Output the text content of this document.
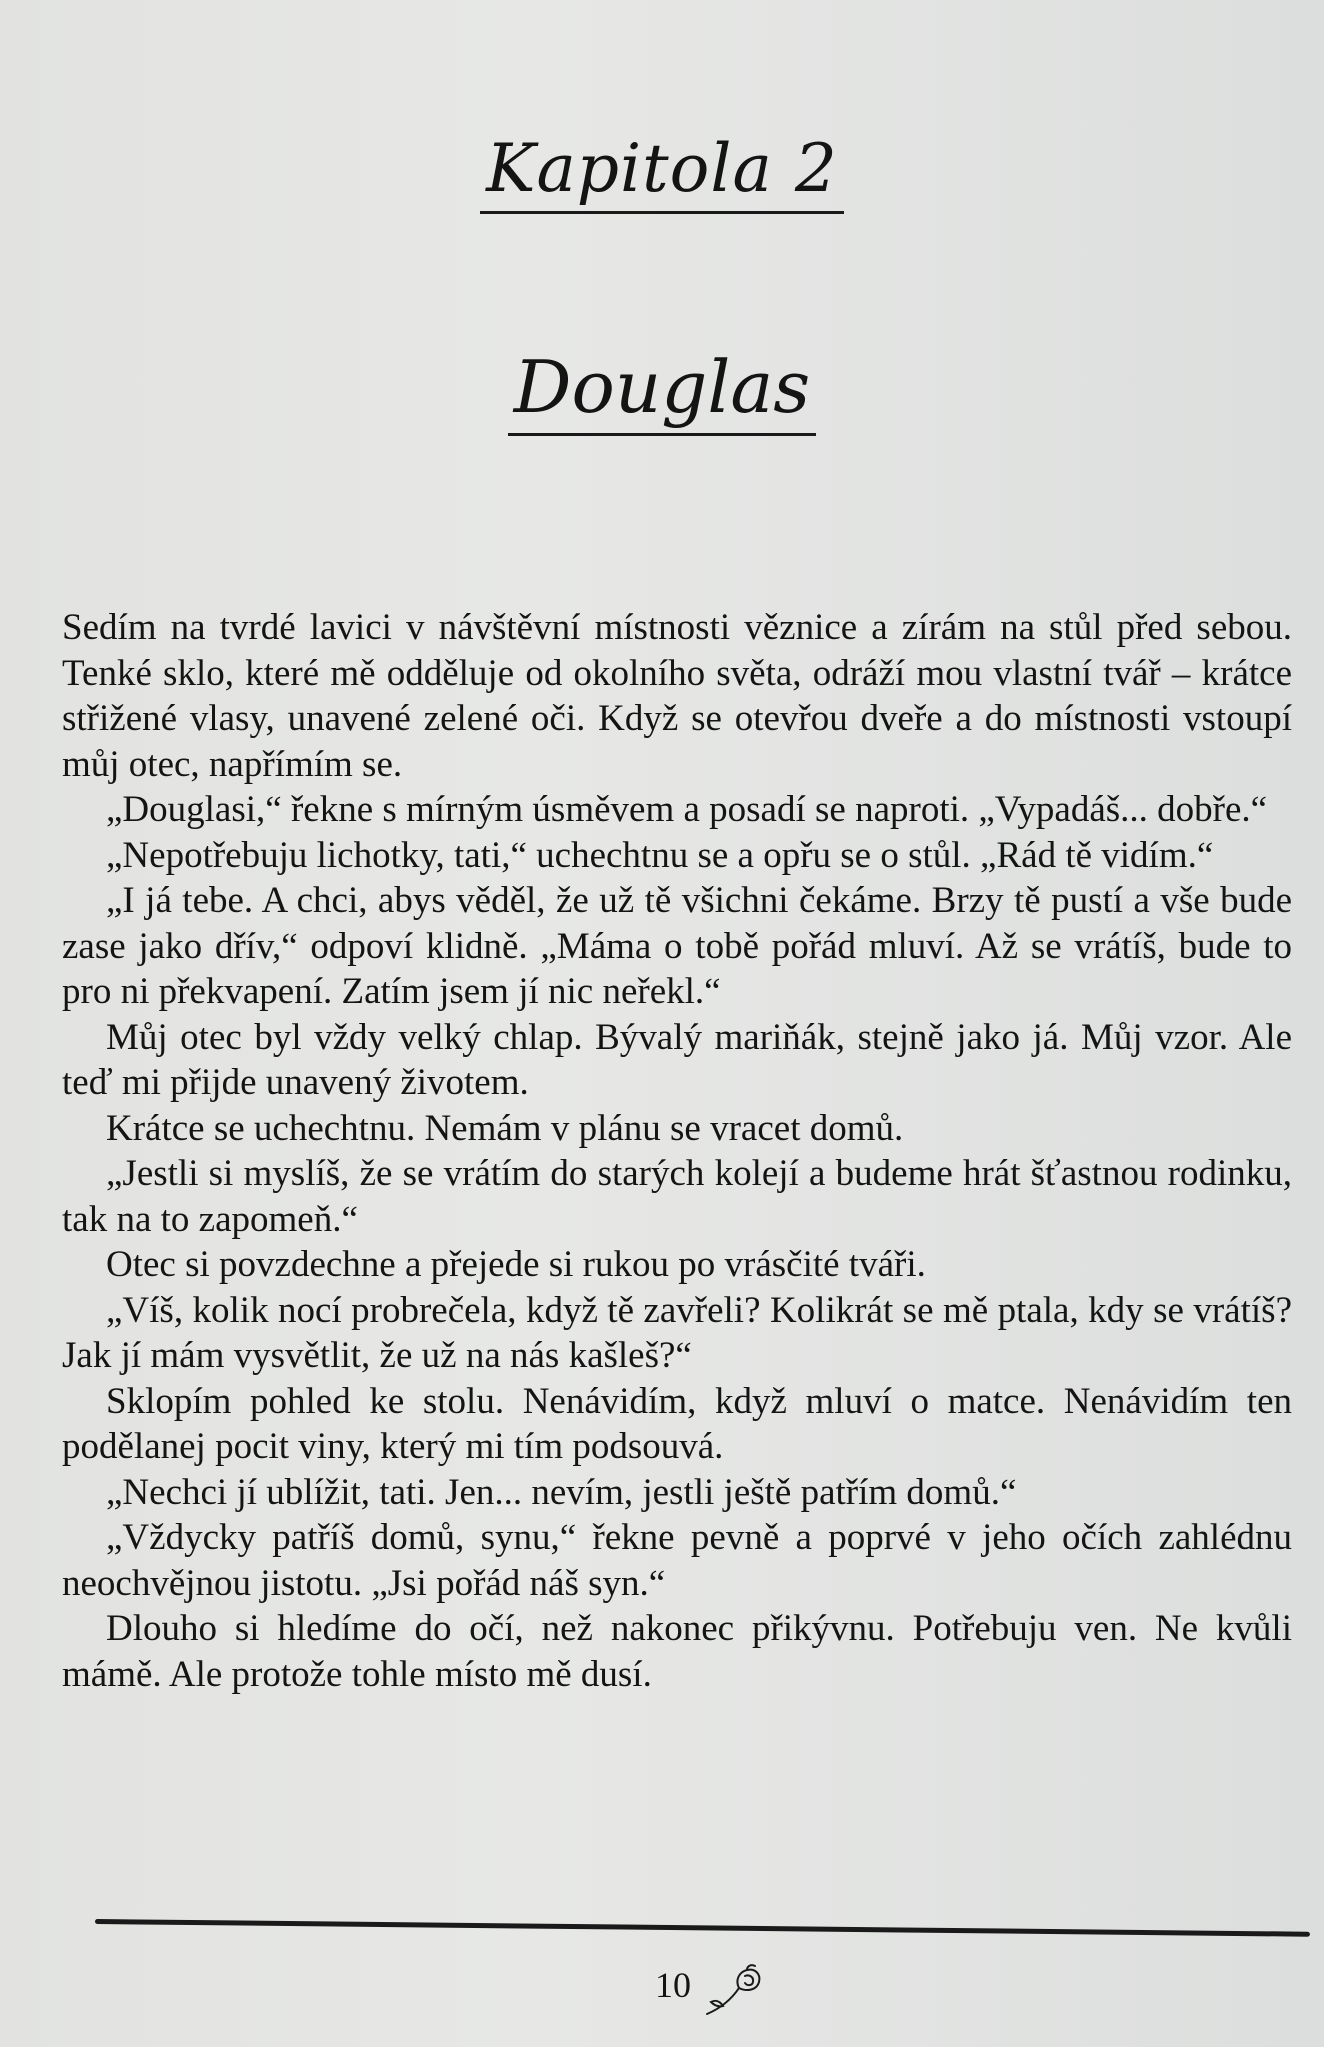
Kapitola 2
Douglas

Sedím na tvrdé lavici v návštěvní místnosti věznice a zírám na stůl před sebou. Tenké sklo, které mě odděluje od okolního světa, odráží mou vlastní tvář – krátce střižené vlasy, unavené zelené oči. Když se otevřou dveře a do místnosti vstoupí můj otec, napřímím se.

„Douglasi,“ řekne s mírným úsměvem a posadí se naproti. „Vypadáš... dobře.“

„Nepotřebuju lichotky, tati,“ uchechtnu se a opřu se o stůl. „Rád tě vidím.“

„I já tebe. A chci, abys věděl, že už tě všichni čekáme. Brzy tě pustí a vše bude zase jako dřív,“ odpoví klidně. „Máma o tobě pořád mluví. Až se vrátíš, bude to pro ni překvapení. Zatím jsem jí nic neřekl.“

Můj otec byl vždy velký chlap. Bývalý mariňák, stejně jako já. Můj vzor. Ale teď mi přijde unavený životem.

Krátce se uchechtnu. Nemám v plánu se vracet domů.

„Jestli si myslíš, že se vrátím do starých kolejí a budeme hrát šťastnou rodinku, tak na to zapomeň.“

Otec si povzdechne a přejede si rukou po vrásčité tváři.

„Víš, kolik nocí probrečela, když tě zavřeli? Kolikrát se mě ptala, kdy se vrátíš? Jak jí mám vysvětlit, že už na nás kašleš?“

Sklopím pohled ke stolu. Nenávidím, když mluví o matce. Nenávidím ten podělanej pocit viny, který mi tím podsouvá.

„Nechci jí ublížit, tati. Jen... nevím, jestli ještě patřím domů.“

„Vždycky patříš domů, synu,“ řekne pevně a poprvé v jeho očích zahlédnu neochvějnou jistotu. „Jsi pořád náš syn.“

Dlouho si hledíme do očí, než nakonec přikývnu. Potřebuju ven. Ne kvůli mámě. Ale protože tohle místo mě dusí.

10
